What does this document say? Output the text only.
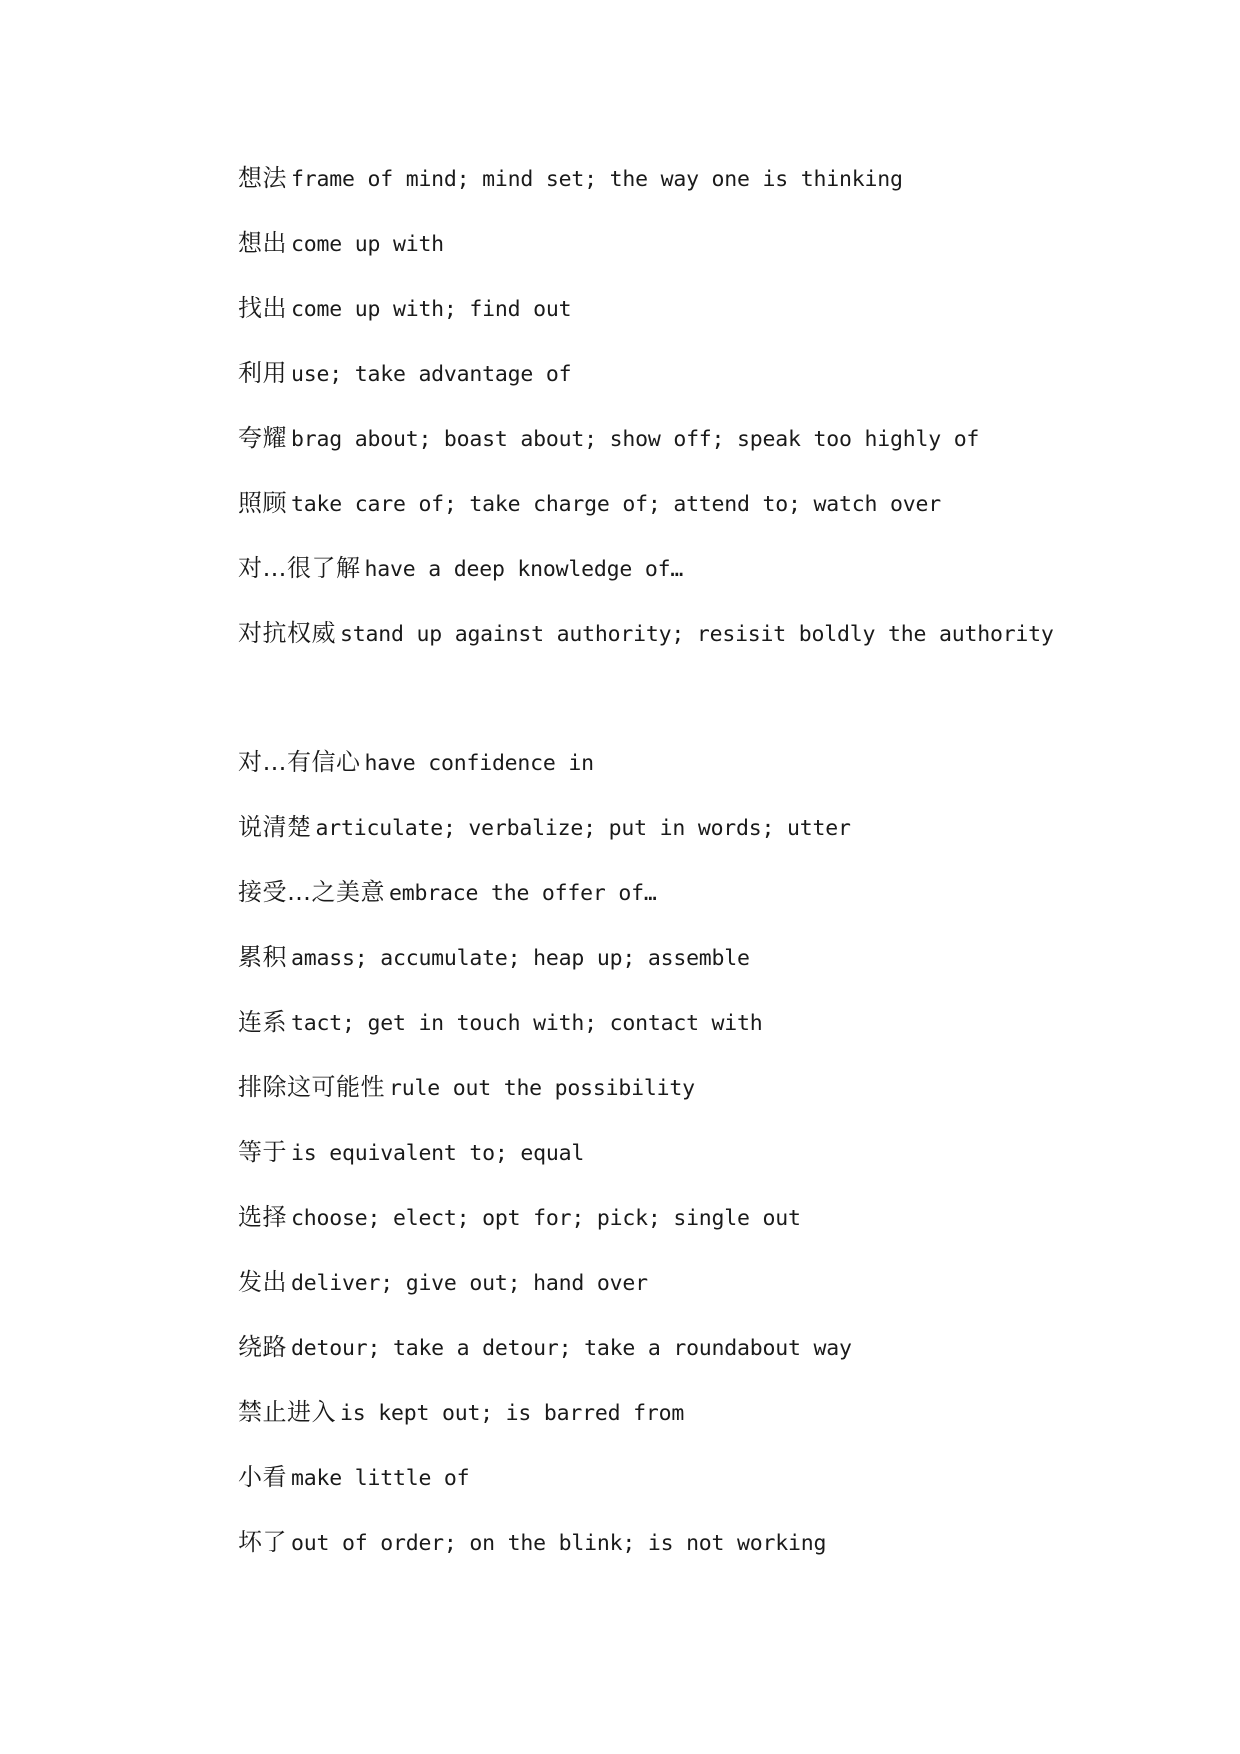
想法 frame of mind; mind set; the way one is thinking
想出 come up with
找出 come up with; find out
利用 use; take advantage of
夸耀 brag about; boast about; show off; speak too highly of
照顾 take care of; take charge of; attend to; watch over
对…很了解 have a deep knowledge of…
对抗权威 stand up against authority; resisit boldly the authority
对…有信心 have confidence in
说清楚 articulate; verbalize; put in words; utter
接受…之美意 embrace the offer of…
累积 amass; accumulate; heap up; assemble
连系 tact; get in touch with; contact with
排除这可能性 rule out the possibility
等于 is equivalent to; equal
选择 choose; elect; opt for; pick; single out
发出 deliver; give out; hand over
绕路 detour; take a detour; take a roundabout way
禁止进入 is kept out; is barred from
小看 make little of
坏了 out of order; on the blink; is not working
